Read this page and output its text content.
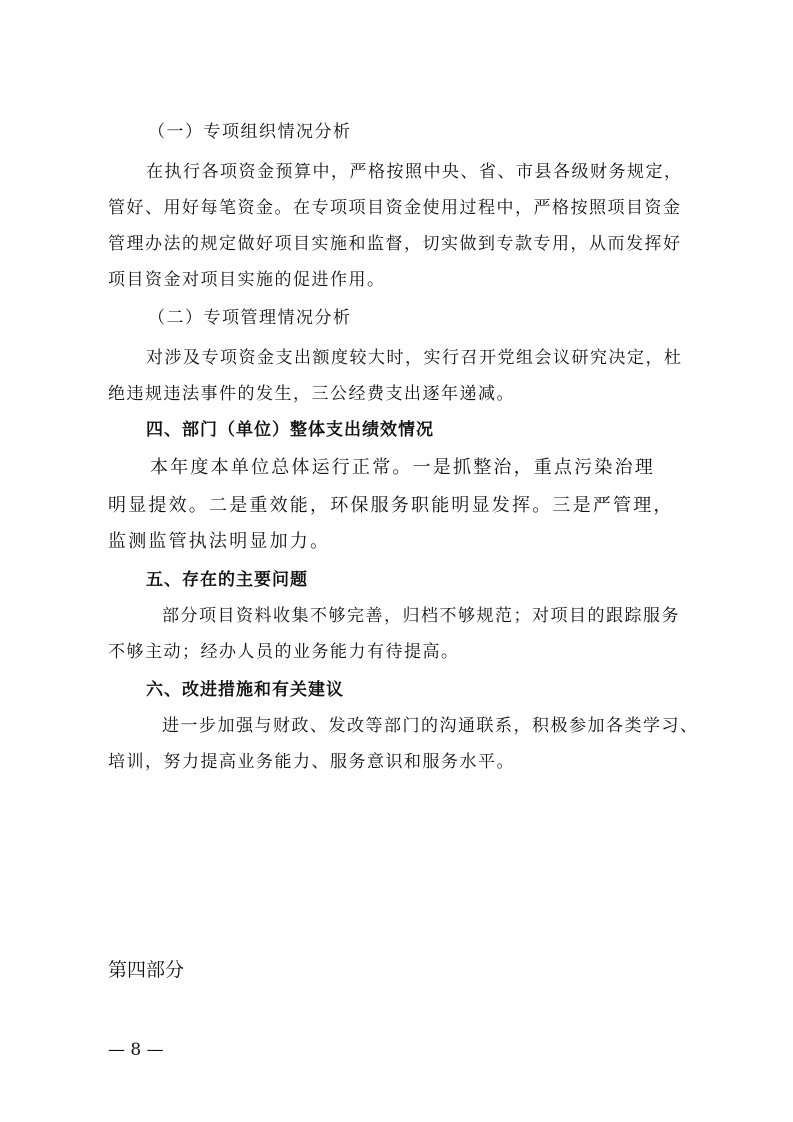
（一）专项组织情况分析
在执行各项资金预算中，严格按照中央、省、市县各级财务规定，
管好、用好每笔资金。在专项项目资金使用过程中，严格按照项目资金
管理办法的规定做好项目实施和监督，切实做到专款专用，从而发挥好
项目资金对项目实施的促进作用。
（二）专项管理情况分析
对涉及专项资金支出额度较大时，实行召开党组会议研究决定，杜
绝违规违法事件的发生，三公经费支出逐年递减。
四、部门（单位）整体支出绩效情况
本年度本单位总体运行正常。一是抓整治，重点污染治理
明显提效。二是重效能，环保服务职能明显发挥。三是严管理，
监测监管执法明显加力。
五、存在的主要问题
部分项目资料收集不够完善，归档不够规范；对项目的跟踪服务
不够主动；经办人员的业务能力有待提高。
六、改进措施和有关建议
进一步加强与财政、发改等部门的沟通联系，积极参加各类学习、
培训，努力提高业务能力、服务意识和服务水平。
第四部分
— 8 —
